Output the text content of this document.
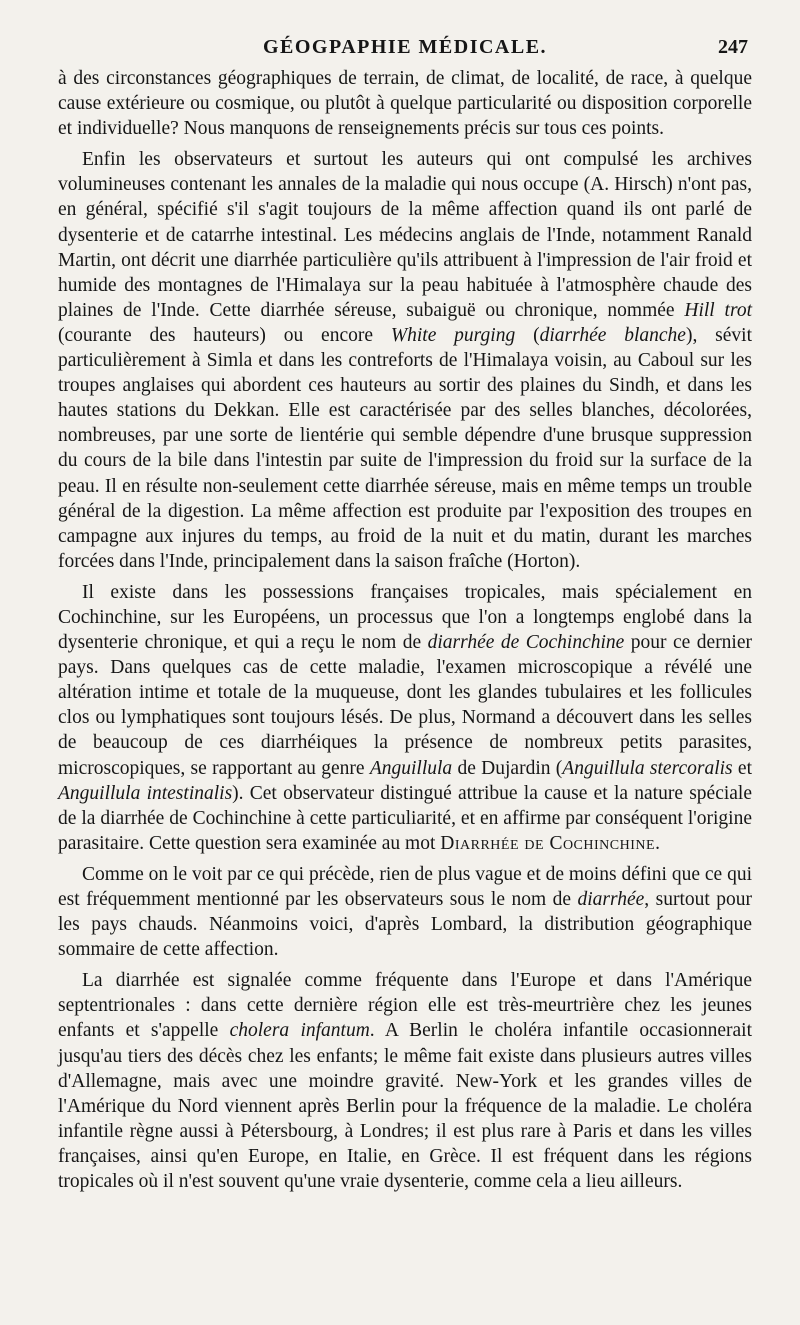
GÉOGPAPHIE MÉDICALE.	247

à des circonstances géographiques de terrain, de climat, de localité, de race, à quelque cause extérieure ou cosmique, ou plutôt à quelque particularité ou disposition corporelle et individuelle? Nous manquons de renseignements précis sur tous ces points.

Enfin les observateurs et surtout les auteurs qui ont compulsé les archives volumineuses contenant les annales de la maladie qui nous occupe (A. Hirsch) n'ont pas, en général, spécifié s'il s'agit toujours de la même affection quand ils ont parlé de dysenterie et de catarrhe intestinal. Les médecins anglais de l'Inde, notamment Ranald Martin, ont décrit une diarrhée particulière qu'ils attribuent à l'impression de l'air froid et humide des montagnes de l'Himalaya sur la peau habituée à l'atmosphère chaude des plaines de l'Inde. Cette diarrhée séreuse, subaiguë ou chronique, nommée Hill trot (courante des hauteurs) ou encore White purging (diarrhée blanche), sévit particulièrement à Simla et dans les contreforts de l'Himalaya voisin, au Caboul sur les troupes anglaises qui abordent ces hauteurs au sortir des plaines du Sindh, et dans les hautes stations du Dekkan. Elle est caractérisée par des selles blanches, décolorées, nombreuses, par une sorte de lientérie qui semble dépendre d'une brusque suppression du cours de la bile dans l'intestin par suite de l'impression du froid sur la surface de la peau. Il en résulte non-seulement cette diarrhée séreuse, mais en même temps un trouble général de la digestion. La même affection est produite par l'exposition des troupes en campagne aux injures du temps, au froid de la nuit et du matin, durant les marches forcées dans l'Inde, principalement dans la saison fraîche (Horton).

Il existe dans les possessions françaises tropicales, mais spécialement en Cochinchine, sur les Européens, un processus que l'on a longtemps englobé dans la dysenterie chronique, et qui a reçu le nom de diarrhée de Cochinchine pour ce dernier pays. Dans quelques cas de cette maladie, l'examen microscopique a révélé une altération intime et totale de la muqueuse, dont les glandes tubulaires et les follicules clos ou lymphatiques sont toujours lésés. De plus, Normand a découvert dans les selles de beaucoup de ces diarrhéiques la présence de nombreux petits parasites, microscopiques, se rapportant au genre Anguillula de Dujardin (Anguillula stercoralis et Anguillula intestinalis). Cet observateur distingué attribue la cause et la nature spéciale de la diarrhée de Cochinchine à cette particuliarité, et en affirme par conséquent l'origine parasitaire. Cette question sera examinée au mot Diarrhée de Cochinchine.

Comme on le voit par ce qui précède, rien de plus vague et de moins défini que ce qui est fréquemment mentionné par les observateurs sous le nom de diarrhée, surtout pour les pays chauds. Néanmoins voici, d'après Lombard, la distribution géographique sommaire de cette affection.

La diarrhée est signalée comme fréquente dans l'Europe et dans l'Amérique septentrionales : dans cette dernière région elle est très-meurtrière chez les jeunes enfants et s'appelle cholera infantum. A Berlin le choléra infantile occasionnerait jusqu'au tiers des décès chez les enfants; le même fait existe dans plusieurs autres villes d'Allemagne, mais avec une moindre gravité. New-York et les grandes villes de l'Amérique du Nord viennent après Berlin pour la fréquence de la maladie. Le choléra infantile règne aussi à Pétersbourg, à Londres; il est plus rare à Paris et dans les villes françaises, ainsi qu'en Europe, en Italie, en Grèce. Il est fréquent dans les régions tropicales où il n'est souvent qu'une vraie dysenterie, comme cela a lieu ailleurs.
